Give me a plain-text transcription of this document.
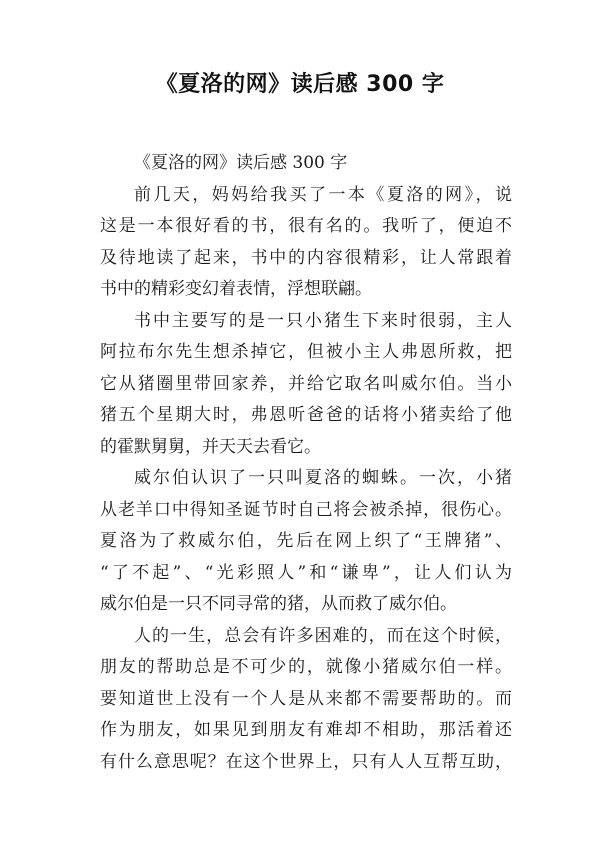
《夏洛的网》读后感 300 字
《夏洛的网》读后感 300 字
前几天，妈妈给我买了一本《夏洛的网》，说
这是一本很好看的书，很有名的。我听了，便迫不
及待地读了起来，书中的内容很精彩，让人常跟着
书中的精彩变幻着表情，浮想联翩。
书中主要写的是一只小猪生下来时很弱，主人
阿拉布尔先生想杀掉它，但被小主人弗恩所救，把
它从猪圈里带回家养，并给它取名叫威尔伯。当小
猪五个星期大时，弗恩听爸爸的话将小猪卖给了他
的霍默舅舅，并天天去看它。
威尔伯认识了一只叫夏洛的蜘蛛。一次，小猪
从老羊口中得知圣诞节时自己将会被杀掉，很伤心。
夏洛为了救威尔伯，先后在网上织了“王牌猪”、
“了不起”、“光彩照人”和“谦卑”，让人们认为
威尔伯是一只不同寻常的猪，从而救了威尔伯。
人的一生，总会有许多困难的，而在这个时候，
朋友的帮助总是不可少的，就像小猪威尔伯一样。
要知道世上没有一个人是从来都不需要帮助的。而
作为朋友，如果见到朋友有难却不相助，那活着还
有什么意思呢？在这个世界上，只有人人互帮互助，
